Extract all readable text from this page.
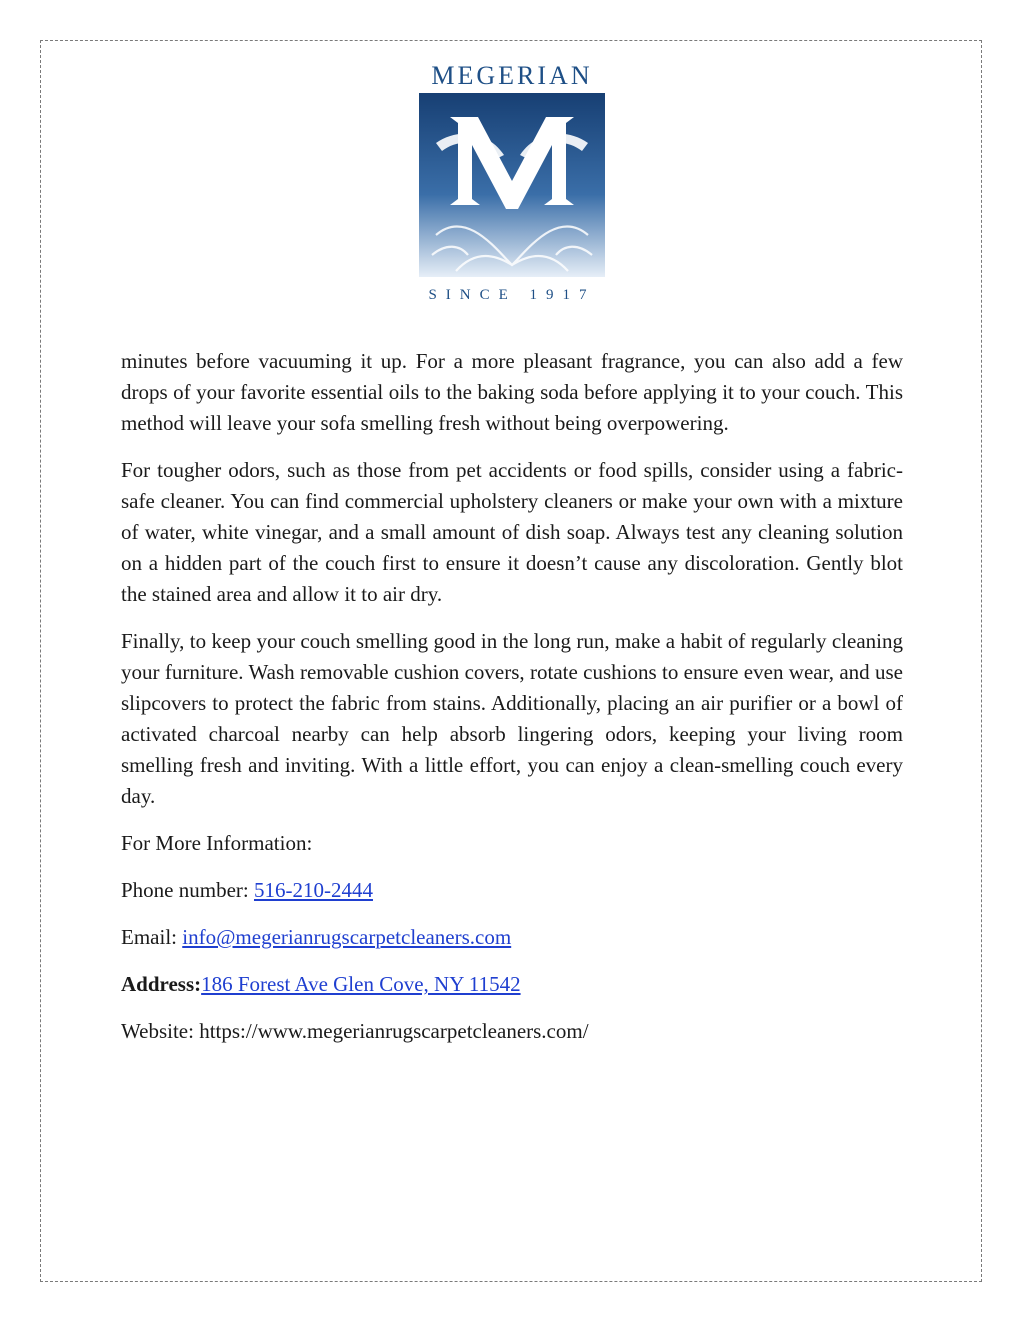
MEGERIAN
SINCE 1917

minutes before vacuuming it up. For a more pleasant fragrance, you can also add a few drops of your favorite essential oils to the baking soda before applying it to your couch. This method will leave your sofa smelling fresh without being overpowering.

For tougher odors, such as those from pet accidents or food spills, consider using a fabric-safe cleaner. You can find commercial upholstery cleaners or make your own with a mixture of water, white vinegar, and a small amount of dish soap. Always test any cleaning solution on a hidden part of the couch first to ensure it doesn’t cause any discoloration. Gently blot the stained area and allow it to air dry.

Finally, to keep your couch smelling good in the long run, make a habit of regularly cleaning your furniture. Wash removable cushion covers, rotate cushions to ensure even wear, and use slipcovers to protect the fabric from stains. Additionally, placing an air purifier or a bowl of activated charcoal nearby can help absorb lingering odors, keeping your living room smelling fresh and inviting. With a little effort, you can enjoy a clean-smelling couch every day.

For More Information:

Phone number: 516-210-2444

Email: info@megerianrugscarpetcleaners.com

Address:186 Forest Ave Glen Cove, NY 11542

Website: https://www.megerianrugscarpetcleaners.com/
